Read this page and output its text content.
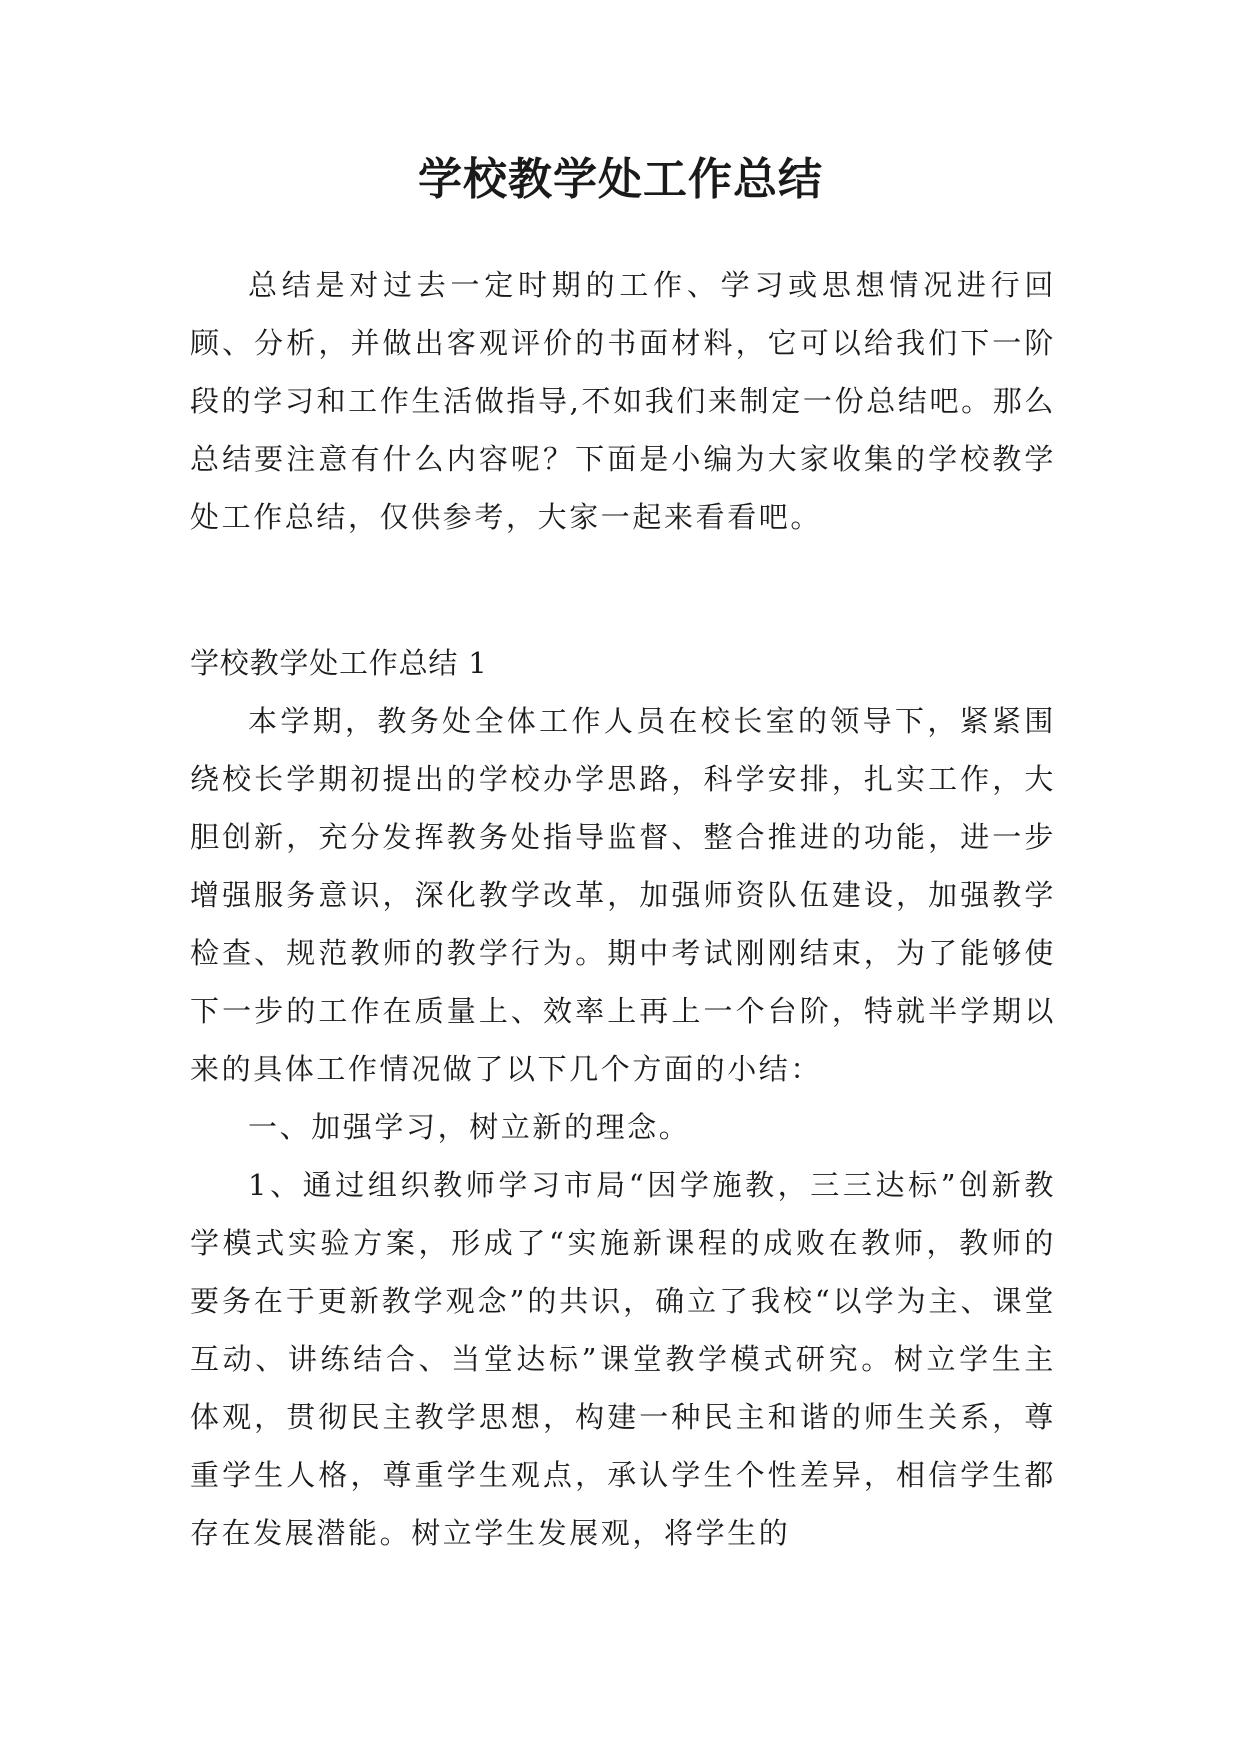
学校教学处工作总结

总结是对过去一定时期的工作、学习或思想情况进行回顾、分析，并做出客观评价的书面材料，它可以给我们下一阶段的学习和工作生活做指导,不如我们来制定一份总结吧。那么总结要注意有什么内容呢？下面是小编为大家收集的学校教学处工作总结，仅供参考，大家一起来看看吧。

学校教学处工作总结 1

本学期，教务处全体工作人员在校长室的领导下，紧紧围绕校长学期初提出的学校办学思路，科学安排，扎实工作，大胆创新，充分发挥教务处指导监督、整合推进的功能，进一步增强服务意识，深化教学改革，加强师资队伍建设，加强教学检查、规范教师的教学行为。期中考试刚刚结束，为了能够使下一步的工作在质量上、效率上再上一个台阶，特就半学期以来的具体工作情况做了以下几个方面的小结：

一、加强学习，树立新的理念。

1、通过组织教师学习市局“因学施教，三三达标”创新教学模式实验方案，形成了“实施新课程的成败在教师，教师的要务在于更新教学观念”的共识，确立了我校“以学为主、课堂互动、讲练结合、当堂达标”课堂教学模式研究。树立学生主体观，贯彻民主教学思想，构建一种民主和谐的师生关系，尊重学生人格，尊重学生观点，承认学生个性差异，相信学生都存在发展潜能。树立学生发展观，将学生的
